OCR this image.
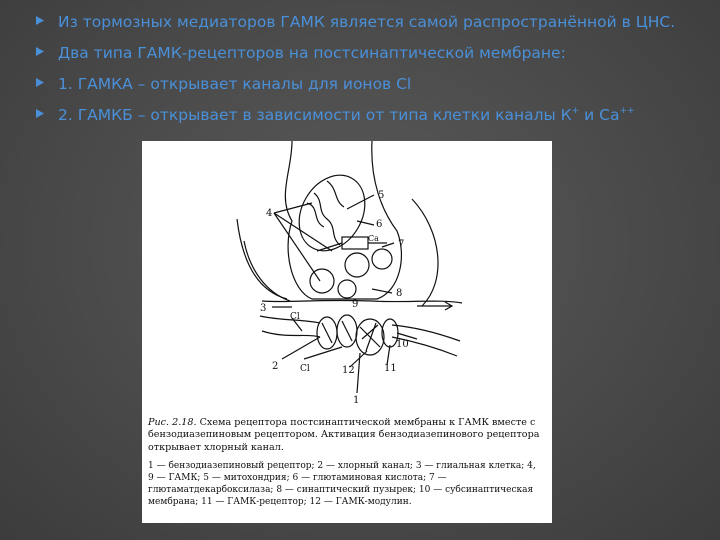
Из тормозных медиаторов ГАМК является самой распространённой в ЦНС.
Два типа ГАМК-рецепторов на постсинаптической мембране:
1. ГАМКА – открывает каналы для ионов Cl
2. ГАМКБ – открывает в зависимости от типа клетки каналы К+ и Са++
4
5
6
7
8
3	9
Cl
Ca
10
2 Cl	12	11
1

Рис. 2.18. Схема рецептора постсинаптической мембраны к ГАМК вместе с бензодиазепиновым рецептором. Активация бензодиазепинового рецептора открывает хлорный канал.

1 — бензодиазепиновый рецептор; 2 — хлорный канал; 3 — глиальная клетка; 4, 9 — ГАМК; 5 — митохондрия; 6 — глютаминовая кислота; 7 — глютаматдекарбоксилаза; 8 — синаптический пузырек; 10 — субсинаптическая мембрана; 11 — ГАМК-рецептор; 12 — ГАМК-модулин.
